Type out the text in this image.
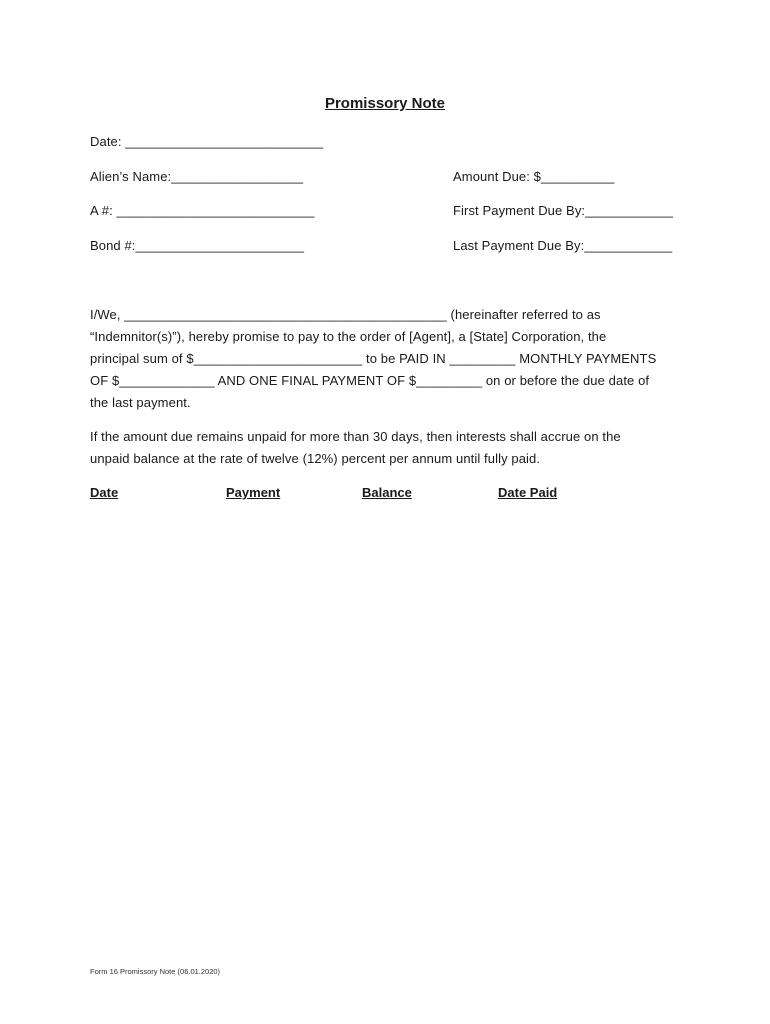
Promissory Note
Date: ___________________________
Alien’s Name:__________________	Amount Due: $__________
A #: ___________________________	First Payment Due By:____________
Bond #:_______________________	Last Payment Due By:____________
I/We, ____________________________________________ (hereinafter referred to as
“Indemnitor(s)”), hereby promise to pay to the order of [Agent], a [State] Corporation, the
principal sum of $_______________________ to be PAID IN _________ MONTHLY PAYMENTS
OF $_____________ AND ONE FINAL PAYMENT OF $_________ on or before the due date of
the last payment.
If the amount due remains unpaid for more than 30 days, then interests shall accrue on the
unpaid balance at the rate of twelve (12%) percent per annum until fully paid.
Date	Payment	Balance	Date Paid
Form 16 Promissory Note (06.01.2020)
